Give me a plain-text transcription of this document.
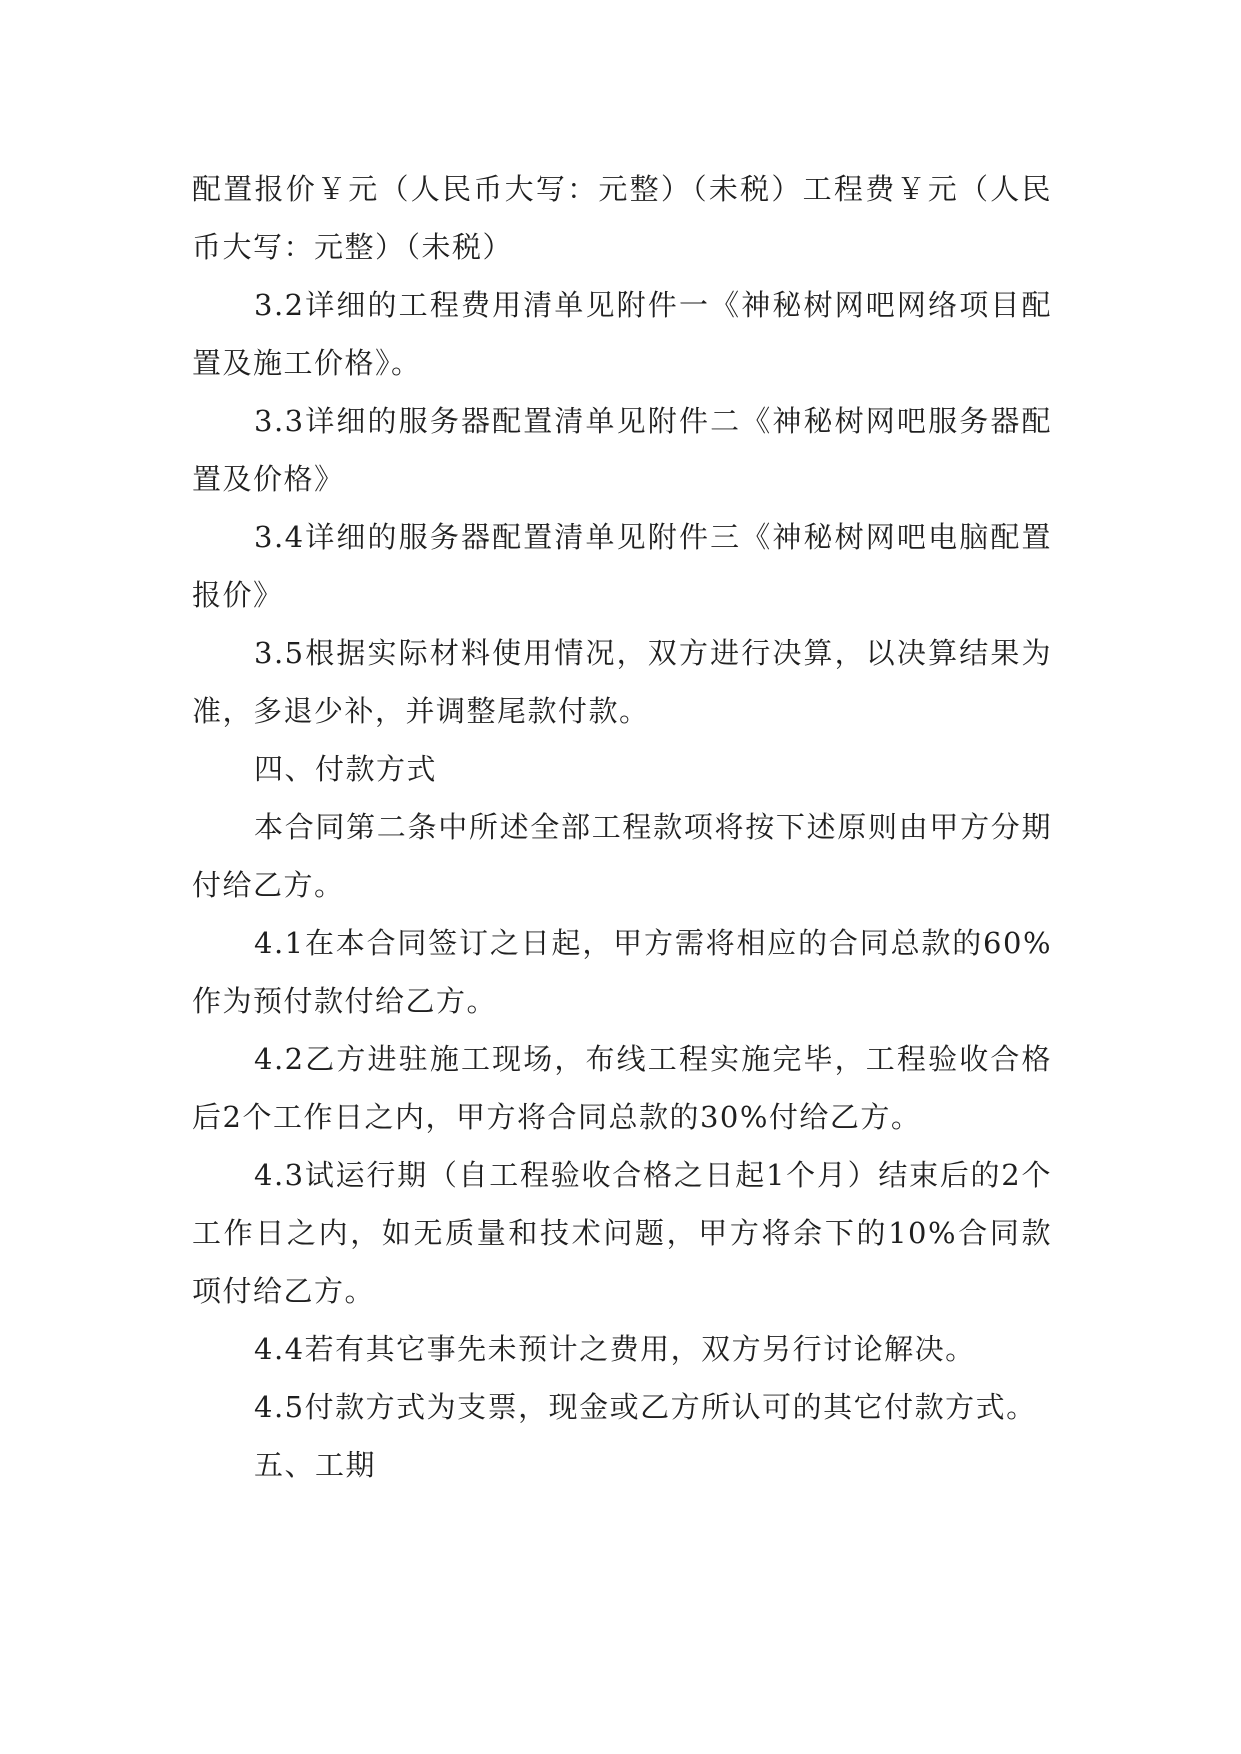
配置报价￥元（人民币大写：元整）（未税）工程费￥元（人民币大写：元整）（未税）

3.2详细的工程费用清单见附件一《神秘树网吧网络项目配置及施工价格》。

3.3详细的服务器配置清单见附件二《神秘树网吧服务器配置及价格》

3.4详细的服务器配置清单见附件三《神秘树网吧电脑配置报价》

3.5根据实际材料使用情况，双方进行决算，以决算结果为准，多退少补，并调整尾款付款。

四、付款方式

本合同第二条中所述全部工程款项将按下述原则由甲方分期付给乙方。

4.1在本合同签订之日起，甲方需将相应的合同总款的60%作为预付款付给乙方。

4.2乙方进驻施工现场，布线工程实施完毕，工程验收合格后2个工作日之内，甲方将合同总款的30%付给乙方。

4.3试运行期（自工程验收合格之日起1个月）结束后的2个工作日之内，如无质量和技术问题，甲方将余下的10%合同款项付给乙方。

4.4若有其它事先未预计之费用，双方另行讨论解决。

4.5付款方式为支票，现金或乙方所认可的其它付款方式。

五、工期
